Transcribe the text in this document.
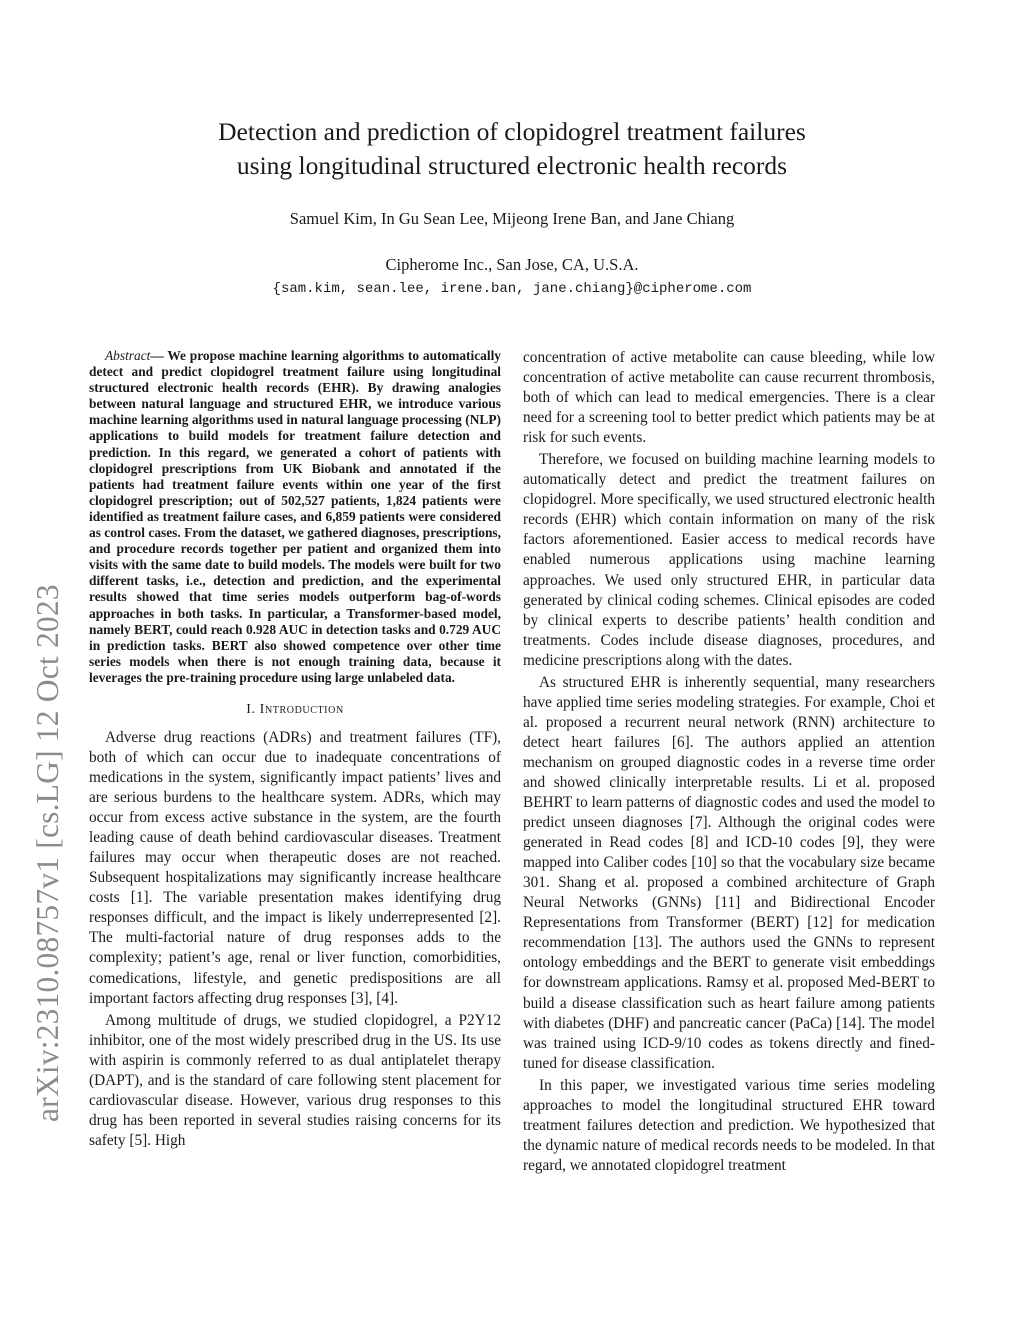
arXiv:2310.08757v1 [cs.LG] 12 Oct 2023
Detection and prediction of clopidogrel treatment failures
using longitudinal structured electronic health records
Samuel Kim, In Gu Sean Lee, Mijeong Irene Ban, and Jane Chiang
Cipherome Inc., San Jose, CA, U.S.A.
{sam.kim, sean.lee, irene.ban, jane.chiang}@cipherome.com

Abstract— We propose machine learning algorithms to automatically detect and predict clopidogrel treatment failure using longitudinal structured electronic health records (EHR). By drawing analogies between natural language and structured EHR, we introduce various machine learning algorithms used in natural language processing (NLP) applications to build models for treatment failure detection and prediction. In this regard, we generated a cohort of patients with clopidogrel prescriptions from UK Biobank and annotated if the patients had treatment failure events within one year of the first clopidogrel prescription; out of 502,527 patients, 1,824 patients were identified as treatment failure cases, and 6,859 patients were considered as control cases. From the dataset, we gathered diagnoses, prescriptions, and procedure records together per patient and organized them into visits with the same date to build models. The models were built for two different tasks, i.e., detection and prediction, and the experimental results showed that time series models outperform bag-of-words approaches in both tasks. In particular, a Transformer-based model, namely BERT, could reach 0.928 AUC in detection tasks and 0.729 AUC in prediction tasks. BERT also showed competence over other time series models when there is not enough training data, because it leverages the pre-training procedure using large unlabeled data.

I. Introduction

Adverse drug reactions (ADRs) and treatment failures (TF), both of which can occur due to inadequate concentrations of medications in the system, significantly impact patients’ lives and are serious burdens to the healthcare system. ADRs, which may occur from excess active substance in the system, are the fourth leading cause of death behind cardiovascular diseases. Treatment failures may occur when therapeutic doses are not reached. Subsequent hospitalizations may significantly increase healthcare costs [1]. The variable presentation makes identifying drug responses difficult, and the impact is likely underrepresented [2]. The multi-factorial nature of drug responses adds to the complexity; patient’s age, renal or liver function, comorbidities, comedications, lifestyle, and genetic predispositions are all important factors affecting drug responses [3], [4].

Among multitude of drugs, we studied clopidogrel, a P2Y12 inhibitor, one of the most widely prescribed drug in the US. Its use with aspirin is commonly referred to as dual antiplatelet therapy (DAPT), and is the standard of care following stent placement for cardiovascular disease. However, various drug responses to this drug has been reported in several studies raising concerns for its safety [5]. High

concentration of active metabolite can cause bleeding, while low concentration of active metabolite can cause recurrent thrombosis, both of which can lead to medical emergencies. There is a clear need for a screening tool to better predict which patients may be at risk for such events.

Therefore, we focused on building machine learning models to automatically detect and predict the treatment failures on clopidogrel. More specifically, we used structured electronic health records (EHR) which contain information on many of the risk factors aforementioned. Easier access to medical records have enabled numerous applications using machine learning approaches. We used only structured EHR, in particular data generated by clinical coding schemes. Clinical episodes are coded by clinical experts to describe patients’ health condition and treatments. Codes include disease diagnoses, procedures, and medicine prescriptions along with the dates.

As structured EHR is inherently sequential, many researchers have applied time series modeling strategies. For example, Choi et al. proposed a recurrent neural network (RNN) architecture to detect heart failures [6]. The authors applied an attention mechanism on grouped diagnostic codes in a reverse time order and showed clinically interpretable results. Li et al. proposed BEHRT to learn patterns of diagnostic codes and used the model to predict unseen diagnoses [7]. Although the original codes were generated in Read codes [8] and ICD-10 codes [9], they were mapped into Caliber codes [10] so that the vocabulary size became 301. Shang et al. proposed a combined architecture of Graph Neural Networks (GNNs) [11] and Bidirectional Encoder Representations from Transformer (BERT) [12] for medication recommendation [13]. The authors used the GNNs to represent ontology embeddings and the BERT to generate visit embeddings for downstream applications. Ramsy et al. proposed Med-BERT to build a disease classification such as heart failure among patients with diabetes (DHF) and pancreatic cancer (PaCa) [14]. The model was trained using ICD-9/10 codes as tokens directly and fined-tuned for disease classification.

In this paper, we investigated various time series modeling approaches to model the longitudinal structured EHR toward treatment failures detection and prediction. We hypothesized that the dynamic nature of medical records needs to be modeled. In that regard, we annotated clopidogrel treatment
